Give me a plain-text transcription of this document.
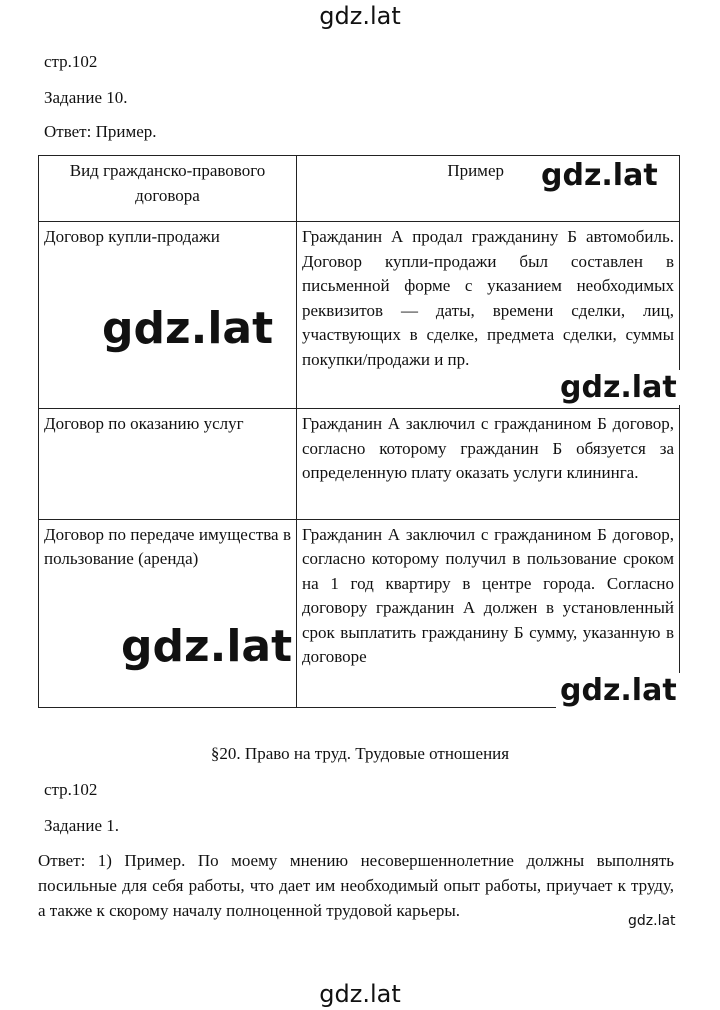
gdz.lat
стр.102
Задание 10.
Ответ: Пример.
Вид гражданско-правового договора	Пример
Договор купли-продажи	Гражданин А продал гражданину Б автомобиль. Договор купли-продажи был составлен в письменной форме с указанием необходимых реквизитов — даты, времени сделки, лиц, участвующих в сделке, предмета сделки, суммы покупки/продажи и пр.
Договор по оказанию услуг	Гражданин А заключил с гражданином Б договор, согласно которому гражданин Б обязуется за определенную плату оказать услуги клининга.
Договор по передаче имущества в пользование (аренда)	Гражданин А заключил с гражданином Б договор, согласно которому получил в пользование сроком на 1 год квартиру в центре города. Согласно договору гражданин А должен в установленный срок выплатить гражданину Б сумму, указанную в договоре
gdz.lat
gdz.lat
gdz.lat
gdz.lat
gdz.lat
§20. Право на труд. Трудовые отношения
стр.102
Задание 1.
Ответ: 1) Пример. По моему мнению несовершеннолетние должны выполнять посильные для себя работы, что дает им необходимый опыт работы, приучает к труду, а также к скорому началу полноценной трудовой карьеры.
gdz.lat
gdz.lat
